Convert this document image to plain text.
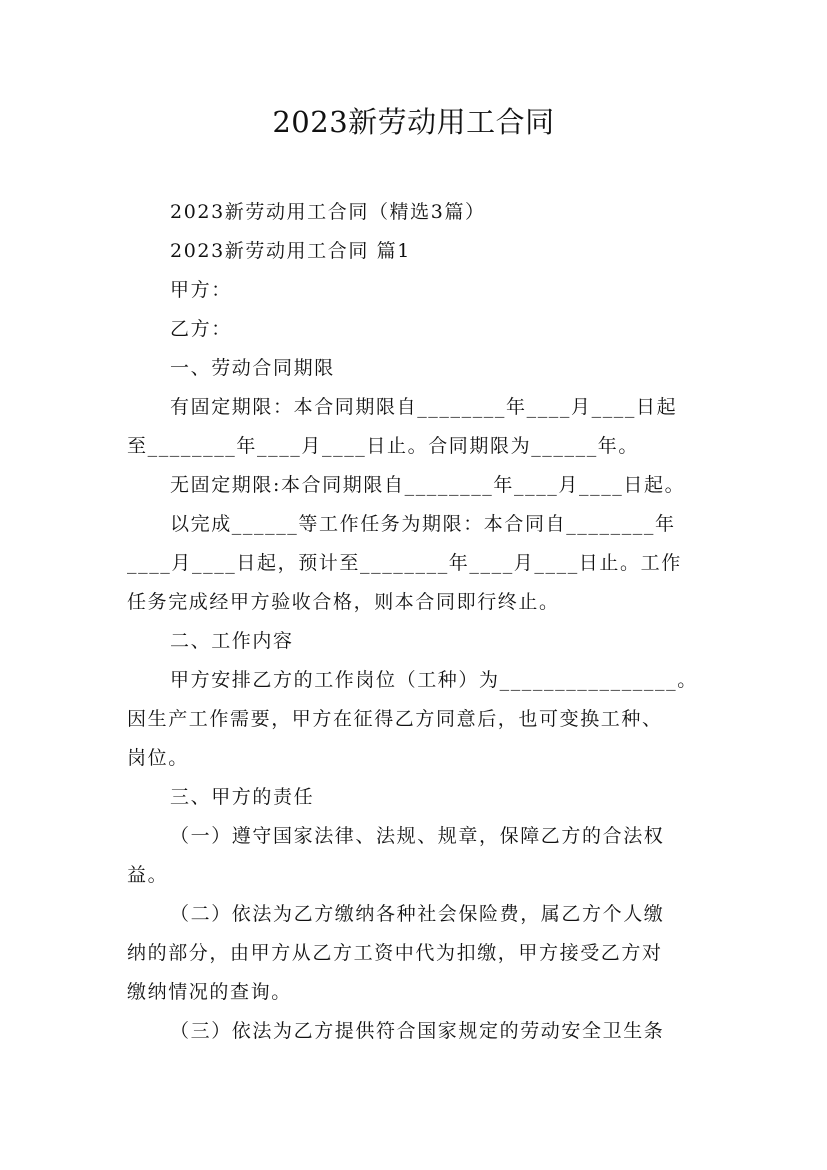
2023新劳动用工合同
2023新劳动用工合同（精选3篇）
2023新劳动用工合同 篇1
甲方：
乙方：
一、劳动合同期限
有固定期限：本合同期限自________年____月____日起
至________年____月____日止。合同期限为______年。
无固定期限:本合同期限自________年____月____日起。
以完成______等工作任务为期限：本合同自________年
____月____日起，预计至________年____月____日止。工作
任务完成经甲方验收合格，则本合同即行终止。
二、工作内容
甲方安排乙方的工作岗位（工种）为________________。
因生产工作需要，甲方在征得乙方同意后，也可变换工种、
岗位。
三、甲方的责任
（一）遵守国家法律、法规、规章，保障乙方的合法权
益。
（二）依法为乙方缴纳各种社会保险费，属乙方个人缴
纳的部分，由甲方从乙方工资中代为扣缴，甲方接受乙方对
缴纳情况的查询。
（三）依法为乙方提供符合国家规定的劳动安全卫生条
